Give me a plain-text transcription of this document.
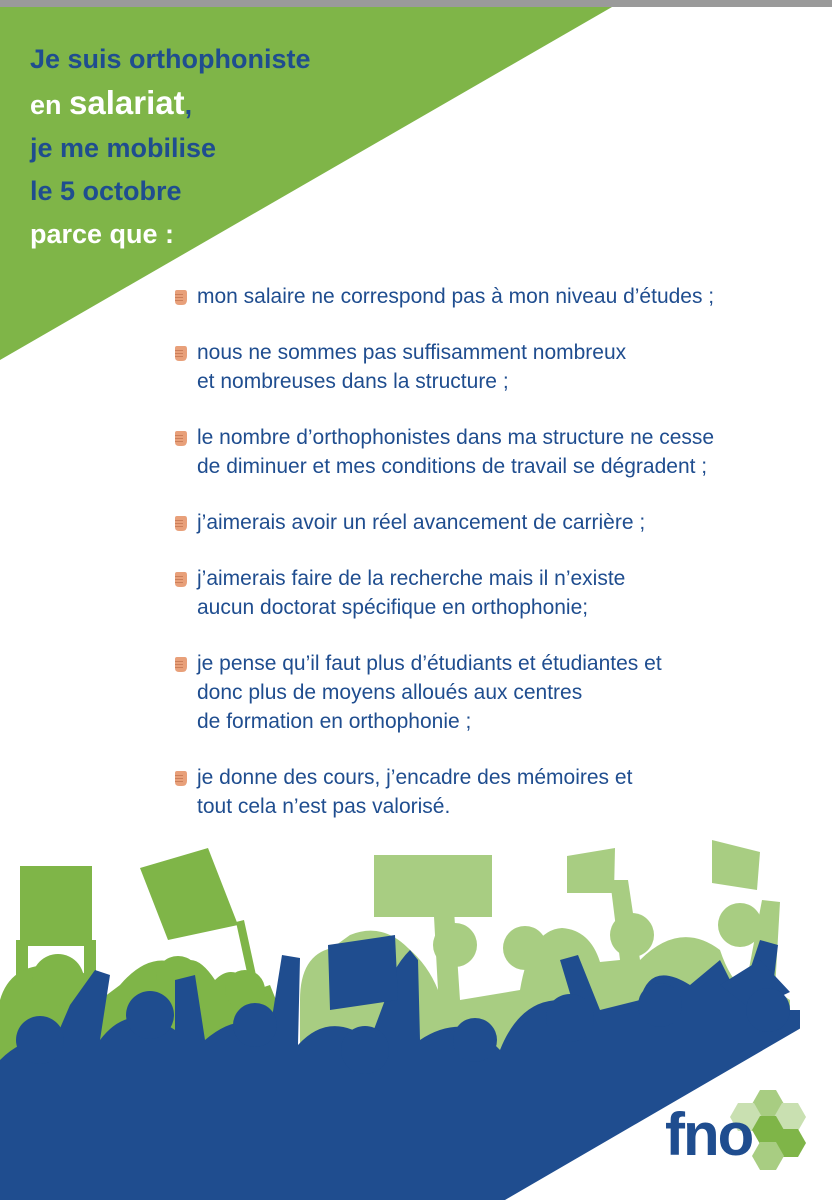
Je suis orthophoniste
en salariat,
je me mobilise
le 5 octobre
parce que :
mon salaire ne correspond pas à mon niveau d’études ;
nous ne sommes pas suffisamment nombreux
et nombreuses dans la structure ;
le nombre d’orthophonistes dans ma structure ne cesse
de diminuer et mes conditions de travail se dégradent ;
j’aimerais avoir un réel avancement de carrière ;
j’aimerais faire de la recherche mais il n’existe
aucun doctorat spécifique en orthophonie;
je pense qu’il faut plus d’étudiants et étudiantes et
donc plus de moyens alloués aux centres
de formation en orthophonie ;
je donne des cours, j’encadre des mémoires et
tout cela n’est pas valorisé.
fno
